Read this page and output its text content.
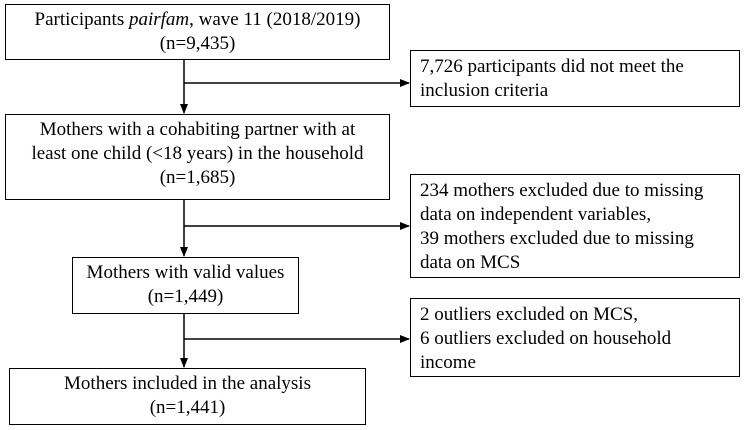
Participants pairfam, wave 11 (2018/2019)
(n=9,435)
Mothers with a cohabiting partner with at
least one child (<18 years) in the household
(n=1,685)
Mothers with valid values
(n=1,449)
Mothers included in the analysis
(n=1,441)
7,726 participants did not meet the
inclusion criteria
234 mothers excluded due to missing
data on independent variables,
39 mothers excluded due to missing
data on MCS
2 outliers excluded on MCS,
6 outliers excluded on household
income
